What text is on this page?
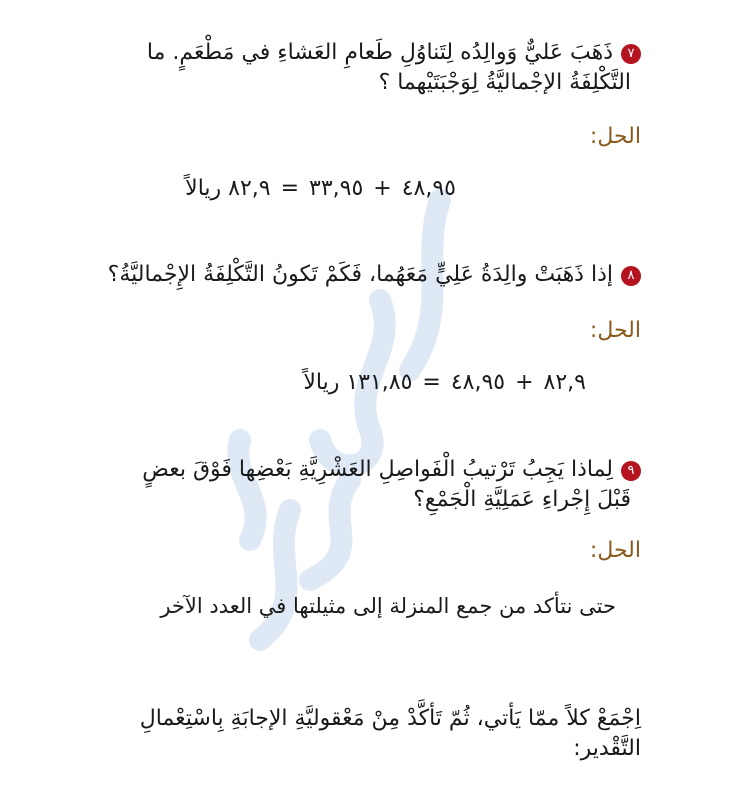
٧ذَهَبَ عَليٌّ وَوالِدُه لِتَناوُلِ طَعامِ العَشاءِ في مَطْعَمٍ. ما
التَّكْلِفَةُ الإجْماليَّةُ لِوَجْبَتَيْهما ؟
الحل:
٤٨,٩٥+٣٣,٩٥=٨٢,٩ ريالاً
٨إذا ذَهَبَتْ والِدَةُ عَلِيٍّ مَعَهُما، فَكَمْ تَكونُ التَّكْلِفَةُ الإِجْماليَّةُ؟
الحل:
٨٢,٩+٤٨,٩٥=١٣١,٨٥ ريالاً
٩لِماذا يَجِبُ تَرْتيبُ الْفَواصِلِ العَشْرِيَّةِ بَعْضِها فَوْقَ بعضٍ
قَبْلَ إِجْراءِ عَمَلِيَّةِ الْجَمْعِ؟
الحل:
حتى نتأكد من جمع المنزلة إلى مثيلتها في العدد الآخر
اِجْمَعْ كلاً ممّا يَأتي، ثُمّ تَأكَّدْ مِنْ مَعْقوليَّةِ الإجابَةِ بِاسْتِعْمالِ
التَّقْدير:
